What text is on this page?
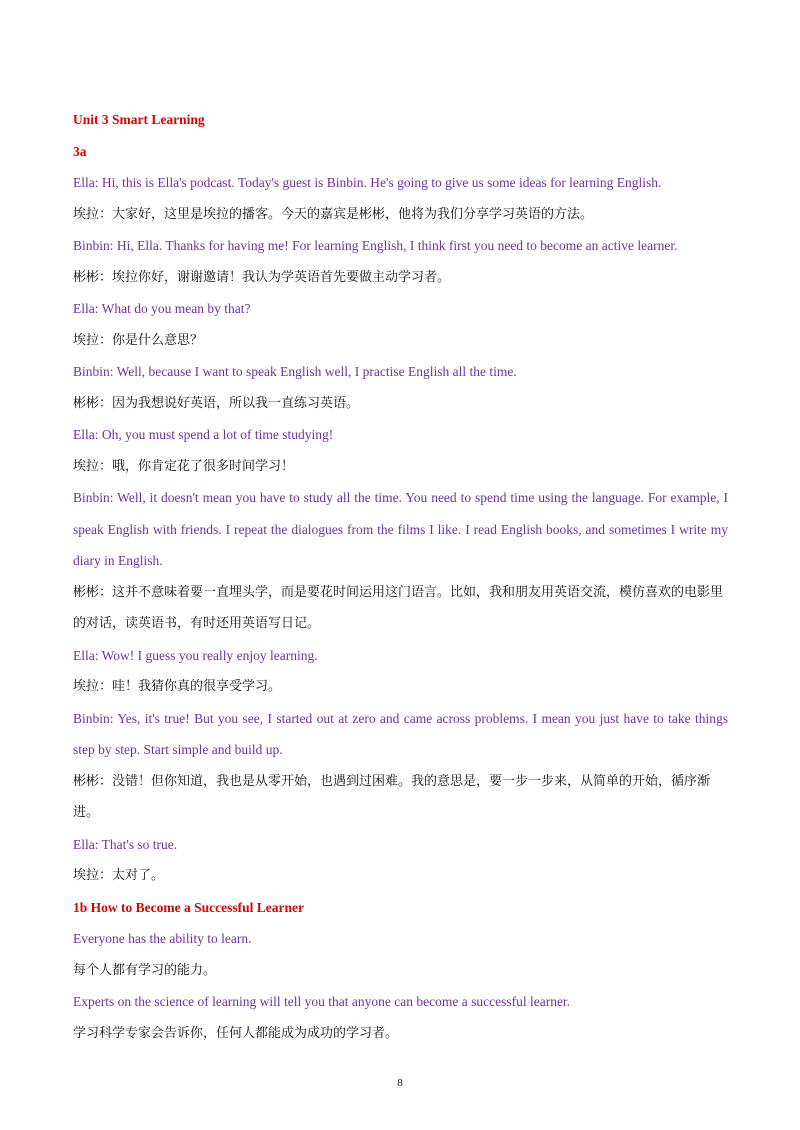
Unit 3 Smart Learning

3a

Ella: Hi, this is Ella's podcast. Today's guest is Binbin. He's going to give us some ideas for learning English.

埃拉：大家好，这里是埃拉的播客。今天的嘉宾是彬彬，他将为我们分享学习英语的方法。

Binbin: Hi, Ella. Thanks for having me! For learning English, I think first you need to become an active learner.

彬彬：埃拉你好，谢谢邀请！我认为学英语首先要做主动学习者。

Ella: What do you mean by that?

埃拉：你是什么意思？

Binbin: Well, because I want to speak English well, I practise English all the time.

彬彬：因为我想说好英语，所以我一直练习英语。

Ella: Oh, you must spend a lot of time studying!

埃拉：哦，你肯定花了很多时间学习！

Binbin: Well, it doesn't mean you have to study all the time. You need to spend time using the language. For example, I speak English with friends. I repeat the dialogues from the films I like. I read English books, and sometimes I write my diary in English.

彬彬：这并不意味着要一直埋头学，而是要花时间运用这门语言。比如，我和朋友用英语交流，模仿喜欢的电影里的对话，读英语书，有时还用英语写日记。

Ella: Wow! I guess you really enjoy learning.

埃拉：哇！我猜你真的很享受学习。

Binbin: Yes, it's true! But you see, I started out at zero and came across problems. I mean you just have to take things step by step. Start simple and build up.

彬彬：没错！但你知道，我也是从零开始，也遇到过困难。我的意思是，要一步一步来，从简单的开始，循序渐进。

Ella: That's so true.

埃拉：太对了。

1b How to Become a Successful Learner

Everyone has the ability to learn.

每个人都有学习的能力。

Experts on the science of learning will tell you that anyone can become a successful learner.

学习科学专家会告诉你，任何人都能成为成功的学习者。

8
